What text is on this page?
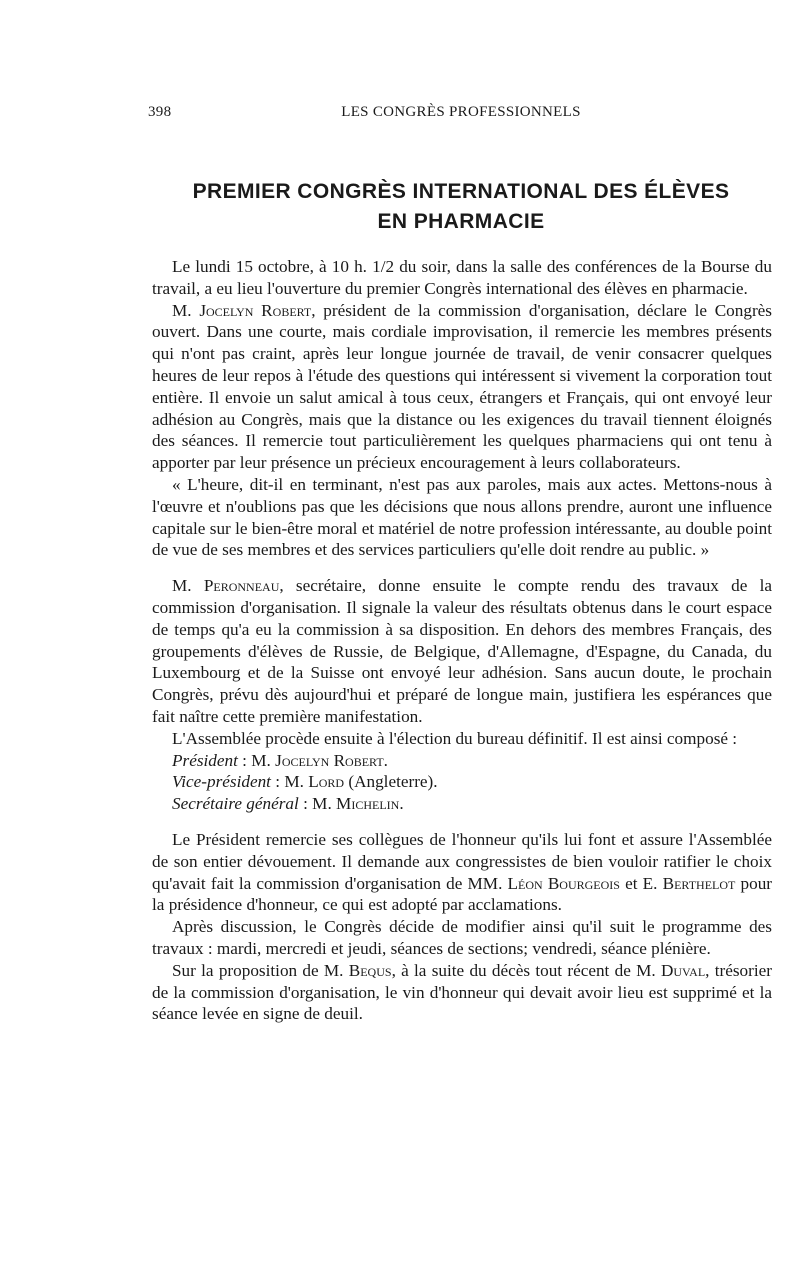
398	LES CONGRÈS PROFESSIONNELS
PREMIER CONGRÈS INTERNATIONAL DES ÉLÈVES
EN PHARMACIE

Le lundi 15 octobre, à 10 h. 1/2 du soir, dans la salle des conférences de la Bourse du travail, a eu lieu l'ouverture du premier Congrès international des élèves en pharmacie.

M. Jocelyn Robert, président de la commission d'organisation, déclare le Congrès ouvert. Dans une courte, mais cordiale improvisation, il remercie les membres présents qui n'ont pas craint, après leur longue journée de travail, de venir consacrer quelques heures de leur repos à l'étude des questions qui intéressent si vivement la corporation tout entière. Il envoie un salut amical à tous ceux, étrangers et Français, qui ont envoyé leur adhésion au Congrès, mais que la distance ou les exigences du travail tiennent éloignés des séances. Il remercie tout particulièrement les quelques pharmaciens qui ont tenu à apporter par leur présence un précieux encouragement à leurs collaborateurs.

« L'heure, dit-il en terminant, n'est pas aux paroles, mais aux actes. Mettons-nous à l'œuvre et n'oublions pas que les décisions que nous allons prendre, auront une influence capitale sur le bien-être moral et matériel de notre profession intéressante, au double point de vue de ses membres et des services particuliers qu'elle doit rendre au public. »

M. Peronneau, secrétaire, donne ensuite le compte rendu des travaux de la commission d'organisation. Il signale la valeur des résultats obtenus dans le court espace de temps qu'a eu la commission à sa disposition. En dehors des membres Français, des groupements d'élèves de Russie, de Belgique, d'Allemagne, d'Espagne, du Canada, du Luxembourg et de la Suisse ont envoyé leur adhésion. Sans aucun doute, le prochain Congrès, prévu dès aujourd'hui et préparé de longue main, justifiera les espérances que fait naître cette première manifestation.

L'Assemblée procède ensuite à l'élection du bureau définitif. Il est ainsi composé :

Président : M. Jocelyn Robert.

Vice-président : M. Lord (Angleterre).

Secrétaire général : M. Michelin.

Le Président remercie ses collègues de l'honneur qu'ils lui font et assure l'Assemblée de son entier dévouement. Il demande aux congressistes de bien vouloir ratifier le choix qu'avait fait la commission d'organisation de MM. Léon Bourgeois et E. Berthelot pour la présidence d'honneur, ce qui est adopté par acclamations.

Après discussion, le Congrès décide de modifier ainsi qu'il suit le programme des travaux : mardi, mercredi et jeudi, séances de sections; vendredi, séance plénière.

Sur la proposition de M. Bequs, à la suite du décès tout récent de M. Duval, trésorier de la commission d'organisation, le vin d'honneur qui devait avoir lieu est supprimé et la séance levée en signe de deuil.
